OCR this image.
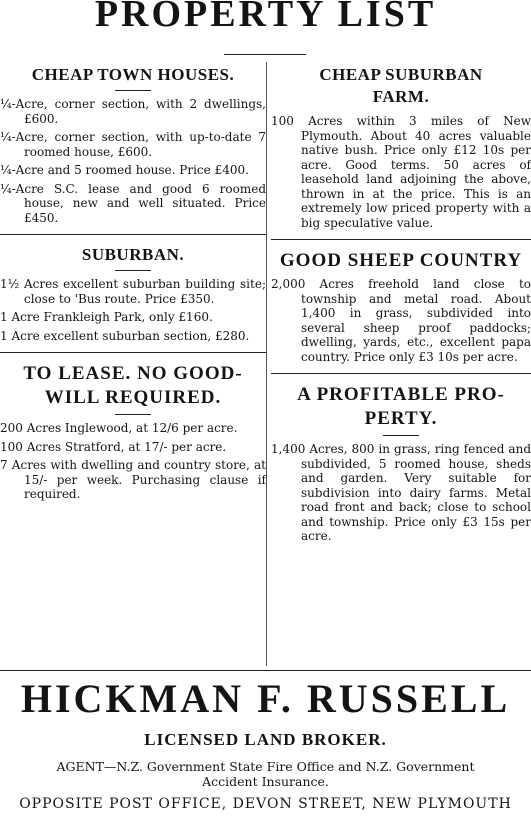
PROPERTY LIST
CHEAP TOWN HOUSES.

¼-Acre, corner section, with 2 dwellings, £600.

¼-Acre, corner section, with up-to-date 7 roomed house, £600.

¼-Acre and 5 roomed house. Price £400.

¼-Acre S.C. lease and good 6 roomed house, new and well situated. Price £450.

SUBURBAN.

1½ Acres excellent suburban building site; close to 'Bus route. Price £350.

1 Acre Frankleigh Park, only £160.

1 Acre excellent suburban section, £280.

TO LEASE. NO GOOD-
WILL REQUIRED.

200 Acres Inglewood, at 12/6 per acre.

100 Acres Stratford, at 17/- per acre.

7 Acres with dwelling and country store, at 15/- per week. Purchasing clause if required.

CHEAP SUBURBAN
FARM.

100 Acres within 3 miles of New Plymouth. About 40 acres valuable native bush. Price only £12 10s per acre. Good terms. 50 acres of leasehold land adjoining the above, thrown in at the price. This is an extremely low priced property with a big speculative value.

GOOD SHEEP COUNTRY

2,000 Acres freehold land close to township and metal road. About 1,400 in grass, subdivided into several sheep proof paddocks; dwelling, yards, etc., excellent papa country. Price only £3 10s per acre.

A PROFITABLE PRO-
PERTY.

1,400 Acres, 800 in grass, ring fenced and subdivided, 5 roomed house, sheds and garden. Very suitable for subdivision into dairy farms. Metal road front and back; close to school and township. Price only £3 15s per acre.

HICKMAN F. RUSSELL
LICENSED LAND BROKER.
AGENT—N.Z. Government State Fire Office and N.Z. Government
Accident Insurance.
OPPOSITE POST OFFICE, DEVON STREET, NEW PLYMOUTH
